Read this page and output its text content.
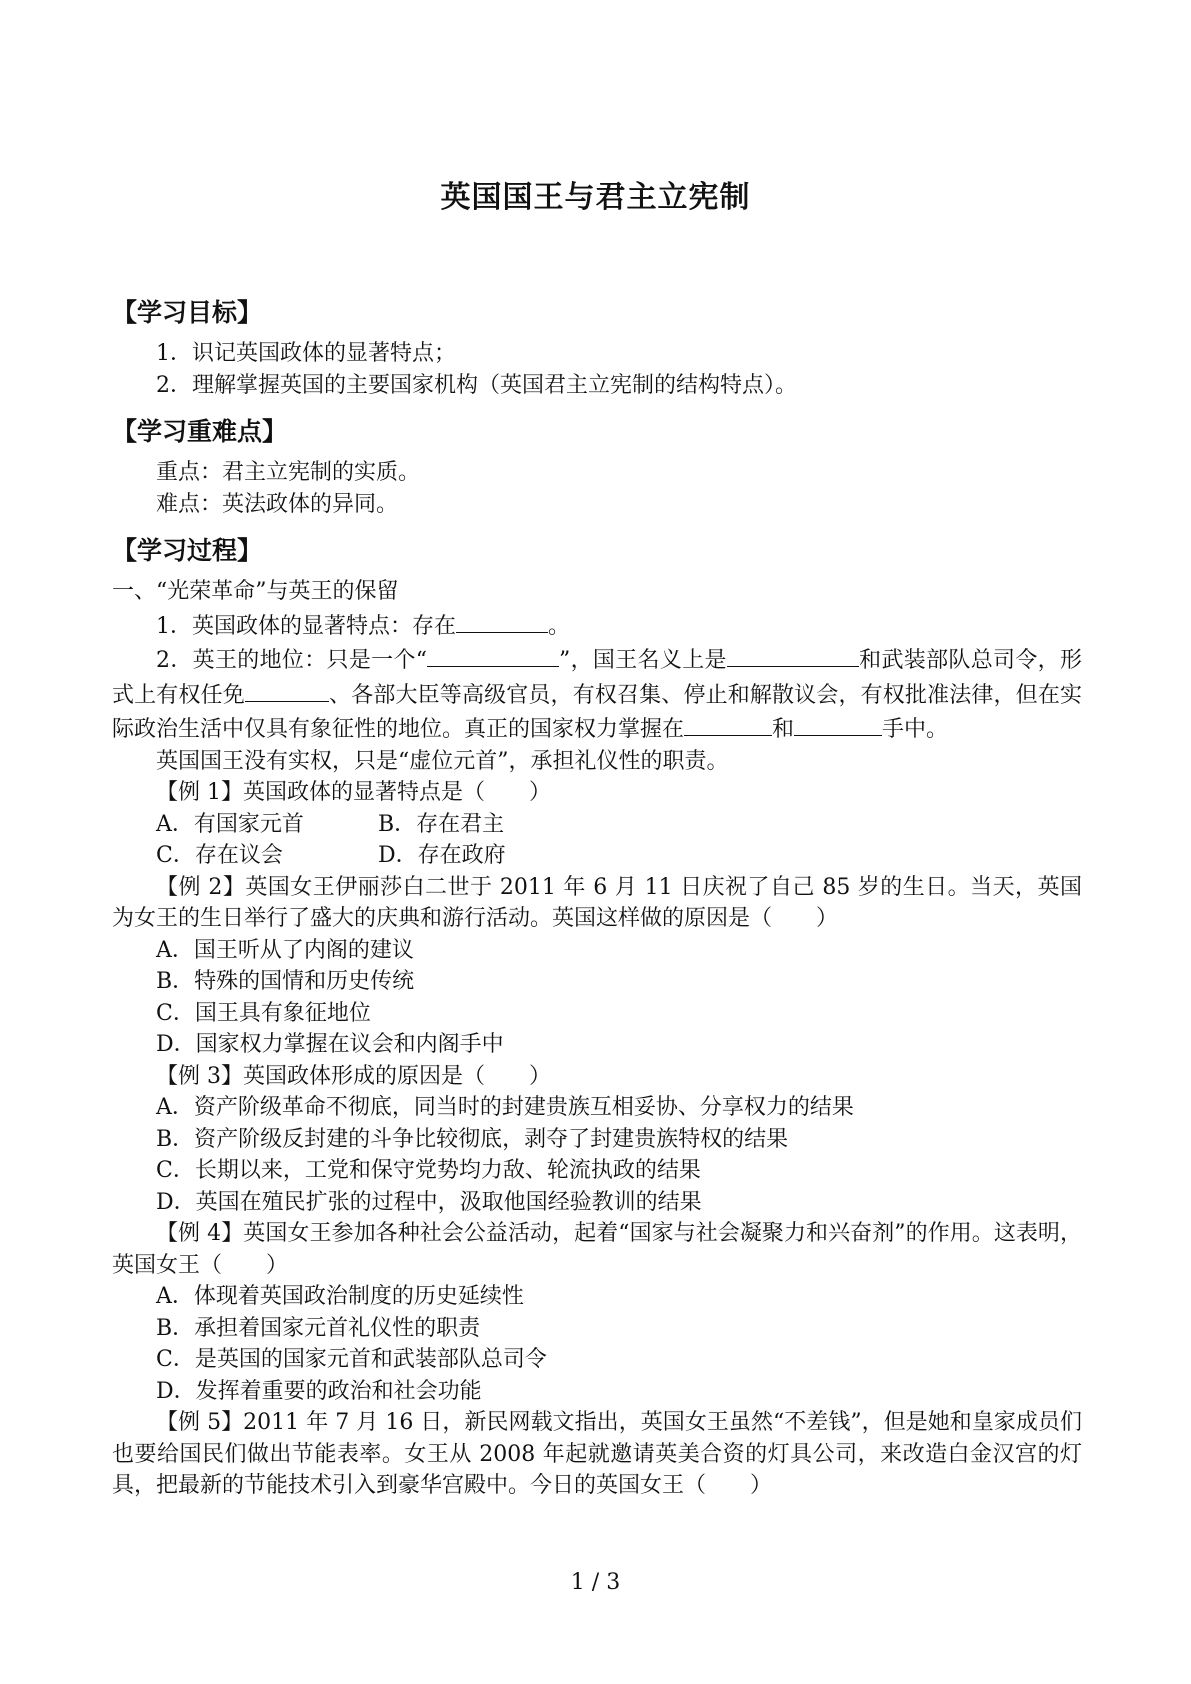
英国国王与君主立宪制
【学习目标】
1．识记英国政体的显著特点；
2．理解掌握英国的主要国家机构（英国君主立宪制的结构特点）。
【学习重难点】
重点：君主立宪制的实质。
难点：英法政体的异同。
【学习过程】
一、“光荣革命”与英王的保留
1．英国政体的显著特点：存在	。
2．英王的地位：只是一个“	”，国王名义上是	和武装部队总司令，形式上有权任免	、各部大臣等高级官员，有权召集、停止和解散议会，有权批准法律，但在实际政治生活中仅具有象征性的地位。真正的国家权力掌握在	和	手中。
英国国王没有实权，只是“虚位元首”，承担礼仪性的职责。
【例 1】英国政体的显著特点是（　　）
A．有国家元首	B．存在君主
C．存在议会	D．存在政府
【例 2】英国女王伊丽莎白二世于 2011 年 6 月 11 日庆祝了自己 85 岁的生日。当天，英国为女王的生日举行了盛大的庆典和游行活动。英国这样做的原因是（　　）
A．国王听从了内阁的建议
B．特殊的国情和历史传统
C．国王具有象征地位
D．国家权力掌握在议会和内阁手中
【例 3】英国政体形成的原因是（　　）
A．资产阶级革命不彻底，同当时的封建贵族互相妥协、分享权力的结果
B．资产阶级反封建的斗争比较彻底，剥夺了封建贵族特权的结果
C．长期以来，工党和保守党势均力敌、轮流执政的结果
D．英国在殖民扩张的过程中，汲取他国经验教训的结果
【例 4】英国女王参加各种社会公益活动，起着“国家与社会凝聚力和兴奋剂”的作用。这表明，英国女王（　　）
A．体现着英国政治制度的历史延续性
B．承担着国家元首礼仪性的职责
C．是英国的国家元首和武装部队总司令
D．发挥着重要的政治和社会功能
【例 5】2011 年 7 月 16 日，新民网载文指出，英国女王虽然“不差钱”，但是她和皇家成员们也要给国民们做出节能表率。女王从 2008 年起就邀请英美合资的灯具公司，来改造白金汉宫的灯具，把最新的节能技术引入到豪华宫殿中。今日的英国女王（　　）
1 / 3
